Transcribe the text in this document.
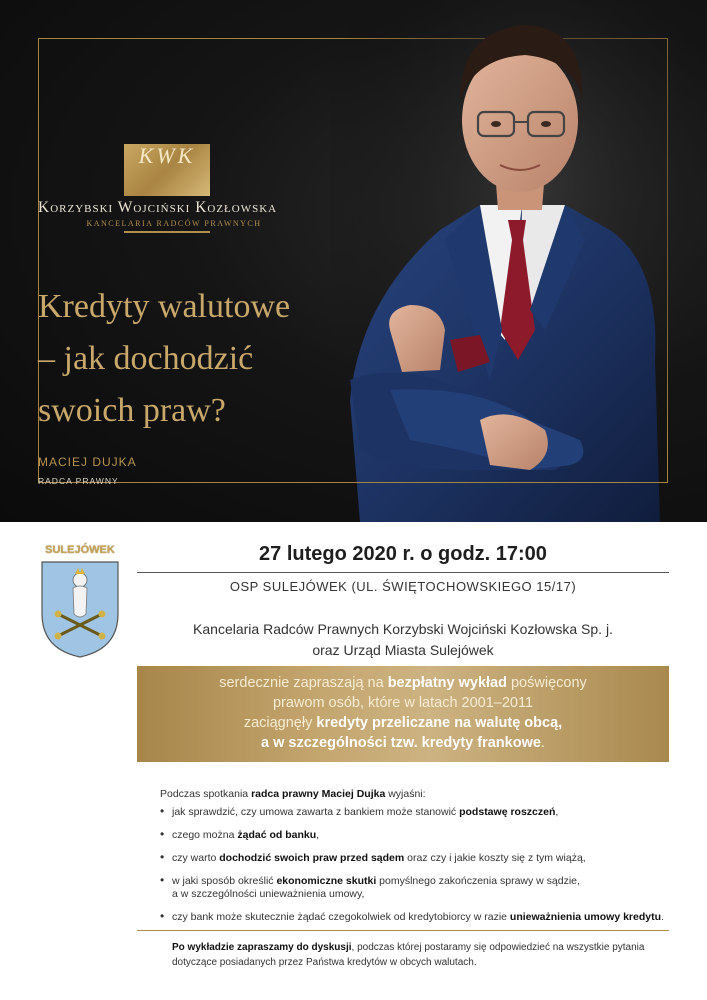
KWK
Korzybski Wojciński Kozłowska
KANCELARIA RADCÓW PRAWNYCH
Kredyty walutowe
– jak dochodzić
swoich praw?
MACIEJ DUJKA
RADCA PRAWNY
SULEJÓWEK	27 lutego 2020 r. o godz. 17:00
OSP SULEJÓWEK (UL. ŚWIĘTOCHOWSKIEGO 15/17)
Kancelaria Radców Prawnych Korzybski Wojciński Kozłowska Sp. j.
oraz Urząd Miasta Sulejówek
serdecznie zapraszają na bezpłatny wykład poświęcony
prawom osób, które w latach 2001–2011
zaciągnęły kredyty przeliczane na walutę obcą,
a w szczególności tzw. kredyty frankowe.
Podczas spotkania radca prawny Maciej Dujka wyjaśni:
• jak sprawdzić, czy umowa zawarta z bankiem może stanowić podstawę roszczeń,
• czego można żądać od banku,
• czy warto dochodzić swoich praw przed sądem oraz czy i jakie koszty się z tym wiążą,
• w jaki sposób określić ekonomiczne skutki pomyślnego zakończenia sprawy w sądzie,
a w szczególności unieważnienia umowy,
• czy bank może skutecznie żądać czegokolwiek od kredytobiorcy w razie unieważnienia umowy kredytu.
Po wykładzie zapraszamy do dyskusji, podczas której postaramy się odpowiedzieć na wszystkie pytania dotyczące posiadanych przez Państwa kredytów w obcych walutach.
